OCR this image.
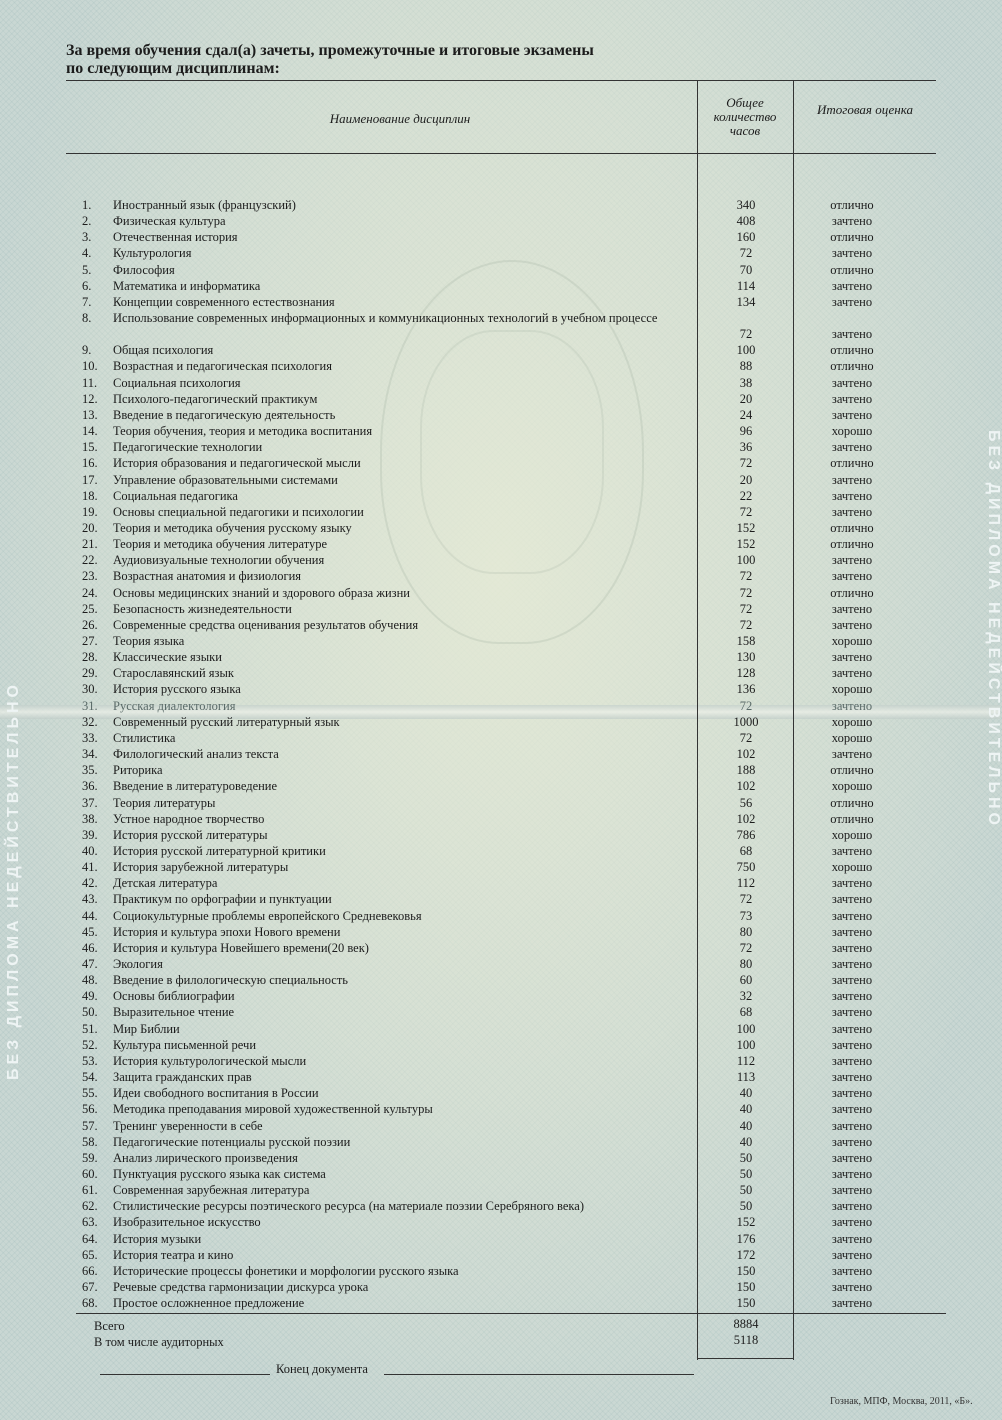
БЕЗ ДИПЛОМА НЕДЕЙСТВИТЕЛЬНО
БЕЗ ДИПЛОМА НЕДЕЙСТВИТЕЛЬНО
За время обучения сдал(а) зачеты, промежуточные и итоговые экзамены
по следующим дисциплинам:
Наименование дисциплин
Общее количество часов
Итоговая оценка
1.	Иностранный язык (французский)	340	отлично
2.	Физическая культура	408	зачтено
3.	Отечественная история	160	отлично
4.	Культурология	72	зачтено
5.	Философия	70	отлично
6.	Математика и информатика	114	зачтено
7.	Концепции современного естествознания	134	зачтено
8.	Использование современных информационных и коммуникационных технологий в учебном процессе
72	зачтено
9.	Общая психология	100	отлично
10.	Возрастная и педагогическая психология	88	отлично
11.	Социальная психология	38	зачтено
12.	Психолого-педагогический практикум	20	зачтено
13.	Введение в педагогическую деятельность	24	зачтено
14.	Теория обучения, теория и методика воспитания	96	хорошо
15.	Педагогические технологии	36	зачтено
16.	История образования и педагогической мысли	72	отлично
17.	Управление образовательными системами	20	зачтено
18.	Социальная педагогика	22	зачтено
19.	Основы специальной педагогики и психологии	72	зачтено
20.	Теория и методика обучения русскому языку	152	отлично
21.	Теория и методика обучения литературе	152	отлично
22.	Аудиовизуальные технологии обучения	100	зачтено
23.	Возрастная анатомия и физиология	72	зачтено
24.	Основы медицинских знаний и здорового образа жизни	72	отлично
25.	Безопасность жизнедеятельности	72	зачтено
26.	Современные средства оценивания результатов обучения	72	зачтено
27.	Теория языка	158	хорошо
28.	Классические языки	130	зачтено
29.	Старославянский язык	128	зачтено
30.	История русского языка	136	хорошо
31.	Русская диалектология	72	зачтено
32.	Современный русский литературный язык	1000	хорошо
33.	Стилистика	72	хорошо
34.	Филологический анализ текста	102	зачтено
35.	Риторика	188	отлично
36.	Введение в литературоведение	102	хорошо
37.	Теория литературы	56	отлично
38.	Устное народное творчество	102	отлично
39.	История русской литературы	786	хорошо
40.	История русской литературной критики	68	зачтено
41.	История зарубежной литературы	750	хорошо
42.	Детская литература	112	зачтено
43.	Практикум по орфографии и пунктуации	72	зачтено
44.	Социокультурные проблемы европейского Средневековья	73	зачтено
45.	История и культура эпохи Нового времени	80	зачтено
46.	История и культура Новейшего времени(20 век)	72	зачтено
47.	Экология	80	зачтено
48.	Введение в филологическую специальность	60	зачтено
49.	Основы библиографии	32	зачтено
50.	Выразительное чтение	68	зачтено
51.	Мир Библии	100	зачтено
52.	Культура письменной речи	100	зачтено
53.	История культурологической мысли	112	зачтено
54.	Защита гражданских прав	113	зачтено
55.	Идеи свободного воспитания в России	40	зачтено
56.	Методика преподавания мировой художественной культуры	40	зачтено
57.	Тренинг уверенности в себе	40	зачтено
58.	Педагогические потенциалы русской поэзии	40	зачтено
59.	Анализ лирического произведения	50	зачтено
60.	Пунктуация русского языка как система	50	зачтено
61.	Современная зарубежная литература	50	зачтено
62.	Стилистические ресурсы поэтического ресурса (на материале поэзии Серебряного века)	50	зачтено
63.	Изобразительное искусство	152	зачтено
64.	История музыки	176	зачтено
65.	История театра и кино	172	зачтено
66.	Исторические процессы фонетики и морфологии русского языка	150	зачтено
67.	Речевые средства гармонизации дискурса урока	150	зачтено
68.	Простое осложненное предложение	150	зачтено
Всего	8884
В том числе аудиторных	5118
Конец документа
Гознак, МПФ, Москва, 2011, «Б».
